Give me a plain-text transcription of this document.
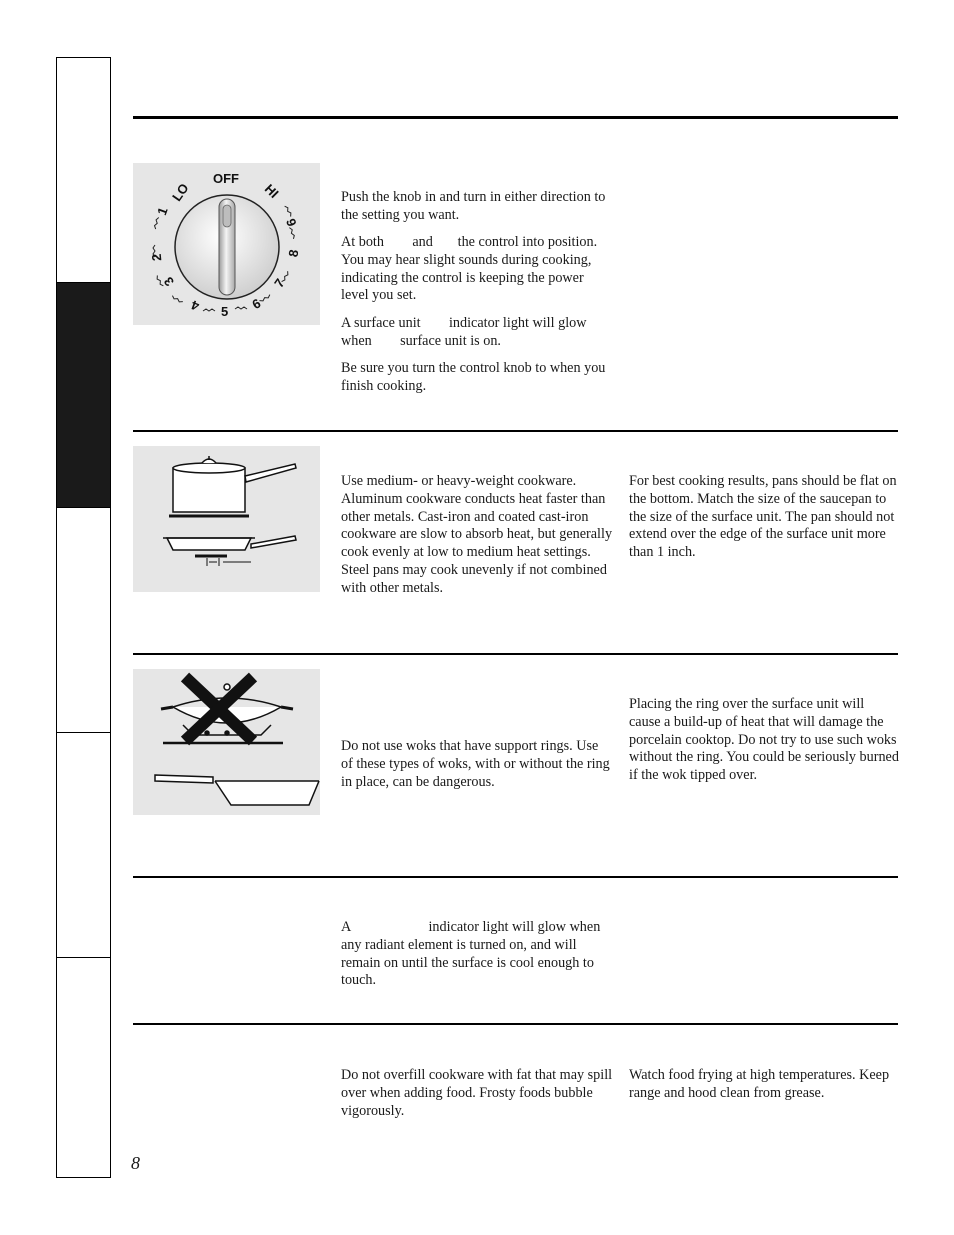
OFF
LO	HI
1
2
3
4 5 6
7
8
9

Push the knob in and turn in either direction to the setting you want.

At both        and       the control into position. You may hear slight sounds during cooking, indicating the control is keeping the power level you set.

A surface unit        indicator light will glow when        surface unit is on.

Be sure you turn the control knob to when you finish cooking.

Use medium- or heavy-weight cookware. Aluminum cookware conducts heat faster than other metals. Cast-iron and coated cast-iron cookware are slow to absorb heat, but generally cook evenly at low to medium heat settings. Steel pans may cook unevenly if not combined with other metals.

For best cooking results, pans should be flat on the bottom. Match the size of the saucepan to the size of the surface unit. The pan should not extend over the edge of the surface unit more than 1 inch.

Do not use woks that have support rings. Use of these types of woks, with or without the ring in place, can be dangerous.

Placing the ring over the surface unit will cause a build-up of heat that will damage the porcelain cooktop. Do not try to use such woks without the ring. You could be seriously burned if the wok tipped over.

A                      indicator light will glow when any radiant element is turned on, and will remain on until the surface is cool enough to touch.

Do not overfill cookware with fat that may spill over when adding food. Frosty foods bubble vigorously.

Watch food frying at high temperatures. Keep range and hood clean from grease.

8
